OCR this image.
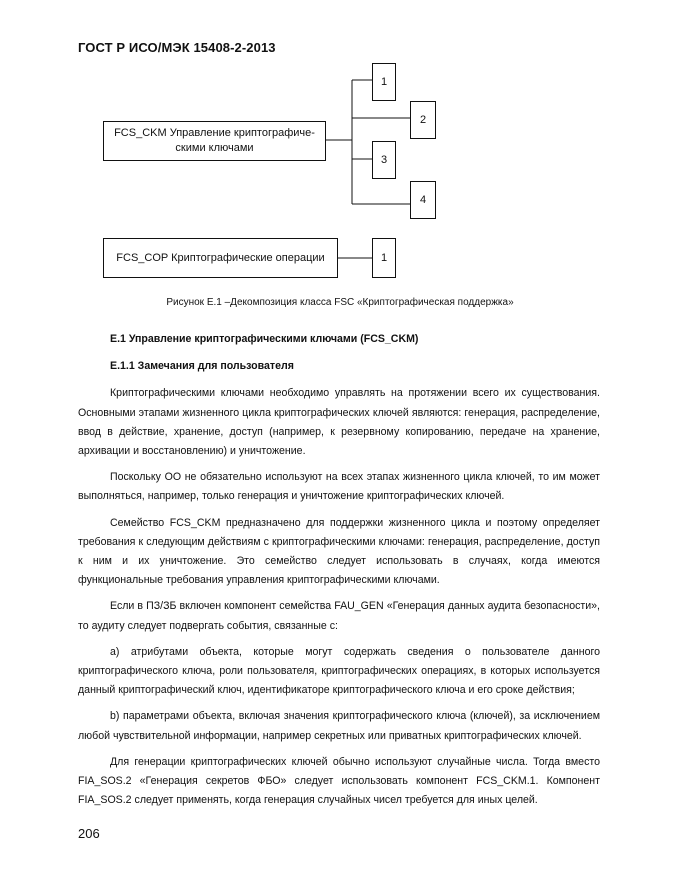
ГОСТ Р ИСО/МЭК 15408-2-2013
FCS_CKM Управление криптографиче-
скими ключами
1
2
3
4
FCS_COP Криптографические операции	1
Рисунок Е.1 –Декомпозиция класса FSC «Криптографическая поддержка»

Е.1 Управление криптографическими ключами (FCS_CKM)

Е.1.1 Замечания для пользователя

Криптографическими ключами необходимо управлять на протяжении всего их существования. Основными этапами жизненного цикла криптографических ключей являются: генерация, распределение, ввод в действие, хранение, доступ (например, к резервному копированию, передаче на хранение, архивации и восстановлению) и уничтожение.

Поскольку ОО не обязательно используют на всех этапах жизненного цикла ключей, то им может выполняться, например, только генерация и уничтожение криптографических ключей.

Семейство FCS_CKM предназначено для поддержки жизненного цикла и поэтому определяет требования к следующим действиям с криптографическими ключами: генерация, распределение, доступ к ним и их уничтожение. Это семейство следует использовать в случаях, когда имеются функциональные требования управления криптографическими ключами.

Если в ПЗ/ЗБ включен компонент семейства FAU_GEN «Генерация данных аудита безопасности», то аудиту следует подвергать события, связанные с:

a) атрибутами объекта, которые могут содержать сведения о пользователе данного криптографического ключа, роли пользователя, криптографических операциях, в которых используется данный криптографический ключ, идентификаторе криптографического ключа и его сроке действия;

b) параметрами объекта, включая значения криптографического ключа (ключей), за исключением любой чувствительной информации, например секретных или приватных криптографических ключей.

Для генерации криптографических ключей обычно используют случайные числа. Тогда вместо FIA_SOS.2 «Генерация секретов ФБО» следует использовать компонент FCS_CKM.1. Компонент FIA_SOS.2 следует применять, когда генерация случайных чисел требуется для иных целей.

206
